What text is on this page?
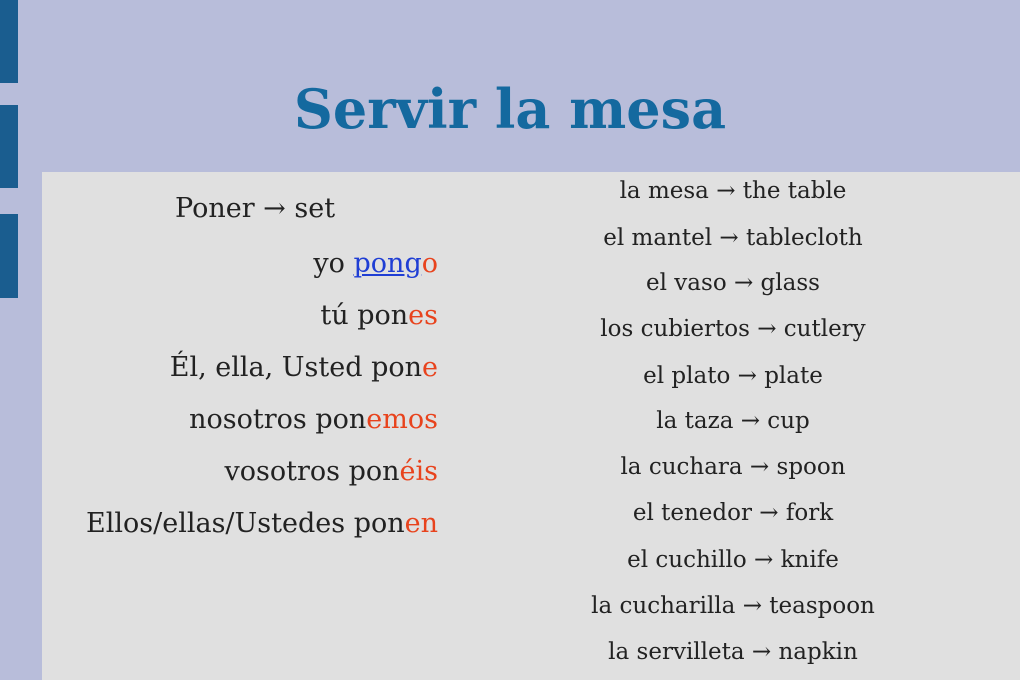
Servir la mesa
Poner → set
yo pongo
tú pones
Él, ella, Usted pone
nosotros ponemos
vosotros ponéis
Ellos/ellas/Ustedes ponen
la mesa → the table
el mantel → tablecloth
el vaso → glass
los cubiertos → cutlery
el plato → plate
la taza → cup
la cuchara → spoon
el tenedor → fork
el cuchillo → knife
la cucharilla → teaspoon
la servilleta → napkin
